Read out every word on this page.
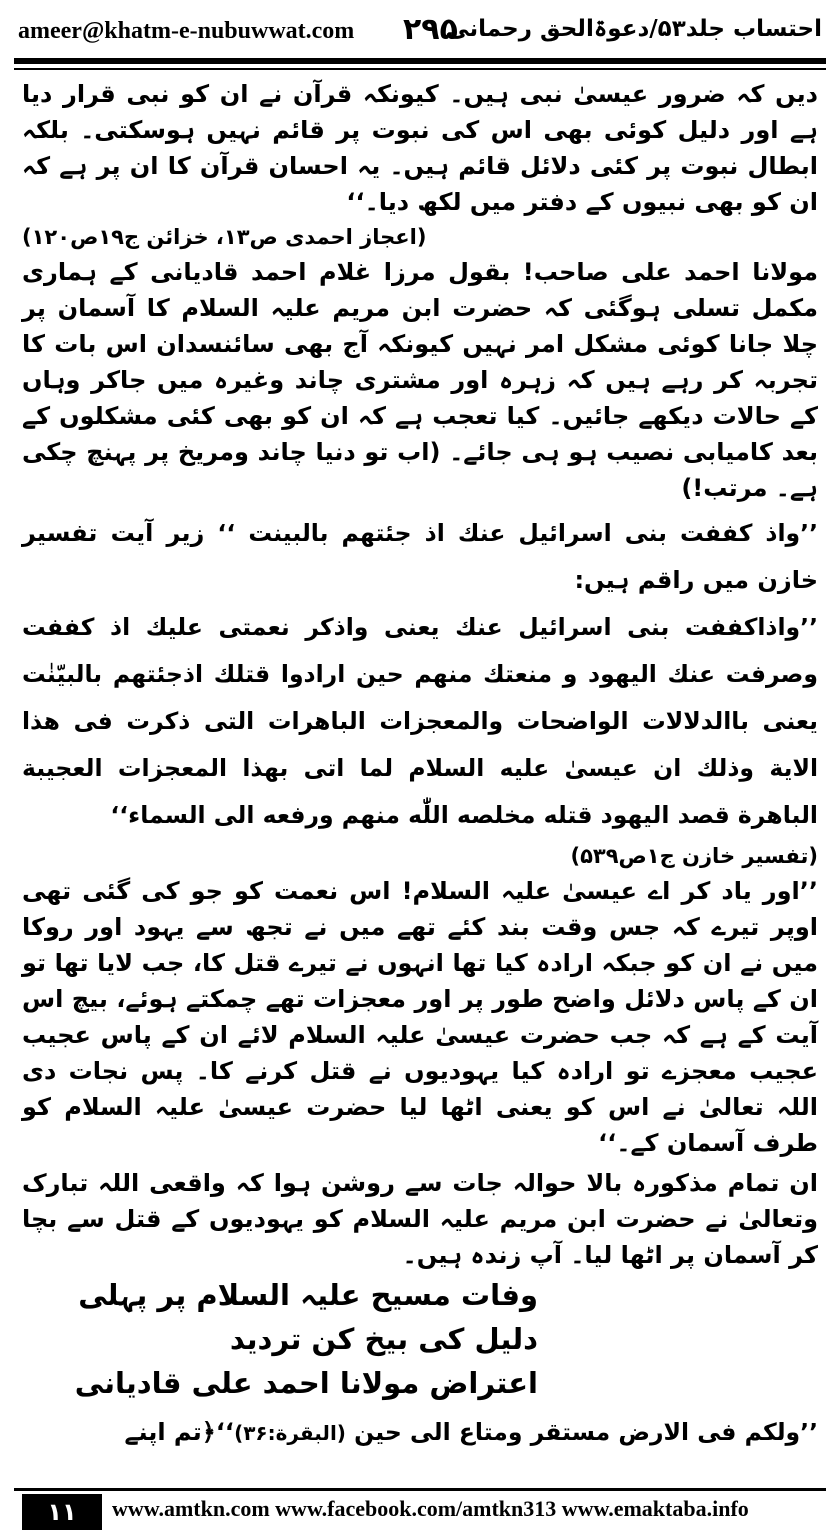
ameer@khatm-e-nubuwwat.com ۲۹۵
احتساب جلد۵۳/دعوۃالحق رحمانی

دیں کہ ضرور عیسیٰ نبی ہیں۔ کیونکہ قرآن نے ان کو نبی قرار دیا ہے اور دلیل کوئی بھی اس کی نبوت پر قائم نہیں ہوسکتی۔ بلکہ ابطال نبوت پر کئی دلائل قائم ہیں۔ یہ احسان قرآن کا ان پر ہے کہ ان کو بھی نبیوں کے دفتر میں لکھ دیا۔‘‘

(اعجاز احمدی ص۱۳، خزائن ج۱۹ص۱۲۰)

مولانا احمد علی صاحب! بقول مرزا غلام احمد قادیانی کے ہماری مکمل تسلی ہوگئی کہ حضرت ابن مریم علیہ السلام کا آسمان پر چلا جانا کوئی مشکل امر نہیں کیونکہ آج بھی سائنسدان اس بات کا تجربہ کر رہے ہیں کہ زہرہ اور مشتری چاند وغیرہ میں جاکر وہاں کے حالات دیکھے جائیں۔ کیا تعجب ہے کہ ان کو بھی کئی مشکلوں کے بعد کامیابی نصیب ہو ہی جائے۔ (اب تو دنیا چاند ومریخ پر پہنچ چکی ہے۔ مرتب!)

’’واذ کففت بنی اسرائیل عنك اذ جئتهم بالبینت ‘‘ زیر آیت تفسیر خازن میں راقم ہیں:

’’واذاکففت بنی اسرائیل عنك یعنی واذکر نعمتی علیك اذ کففت وصرفت عنك الیهود و منعتك منهم حین ارادوا قتلك اذجئتهم بالبیّنٰت یعنی باالدلالات الواضحات والمعجزات الباهرات التی ذکرت فی هذا الایة وذلك ان عیسیٰ علیه السلام لما اتی بهذا المعجزات العجیبة الباهرة قصد الیهود قتله مخلصه اللّٰه منهم ورفعه الی السماء‘‘

(تفسیر خازن ج۱ص۵۳۹)

’’اور یاد کر اے عیسیٰ علیہ السلام! اس نعمت کو جو کی گئی تھی اوپر تیرے کہ جس وقت بند کئے تھے میں نے تجھ سے یہود اور روکا میں نے ان کو جبکہ ارادہ کیا تھا انہوں نے تیرے قتل کا، جب لایا تھا تو ان کے پاس دلائل واضح طور پر اور معجزات تھے چمکتے ہوئے، بیچ اس آیت کے ہے کہ جب حضرت عیسیٰ علیہ السلام لائے ان کے پاس عجیب عجیب معجزے تو ارادہ کیا یہودیوں نے قتل کرنے کا۔ پس نجات دی اللہ تعالیٰ نے اس کو یعنی اٹھا لیا حضرت عیسیٰ علیہ السلام کو طرف آسمان کے۔‘‘

ان تمام مذکورہ بالا حوالہ جات سے روشن ہوا کہ واقعی اللہ تبارک وتعالیٰ نے حضرت ابن مریم علیہ السلام کو یہودیوں کے قتل سے بچا کر آسمان پر اٹھا لیا۔ آپ زندہ ہیں۔

وفات مسیح علیہ السلام پر پہلی دلیل کی بیخ کن تردید

اعتراض مولانا احمد علی قادیانی

’’ولکم فی الارض مستقر ومتاع الی حین (البقرة:۳۶)‘‘﴿تم اپنے

۱۱	www.amtkn.com www.facebook.com/amtkn313 www.emaktaba.info
